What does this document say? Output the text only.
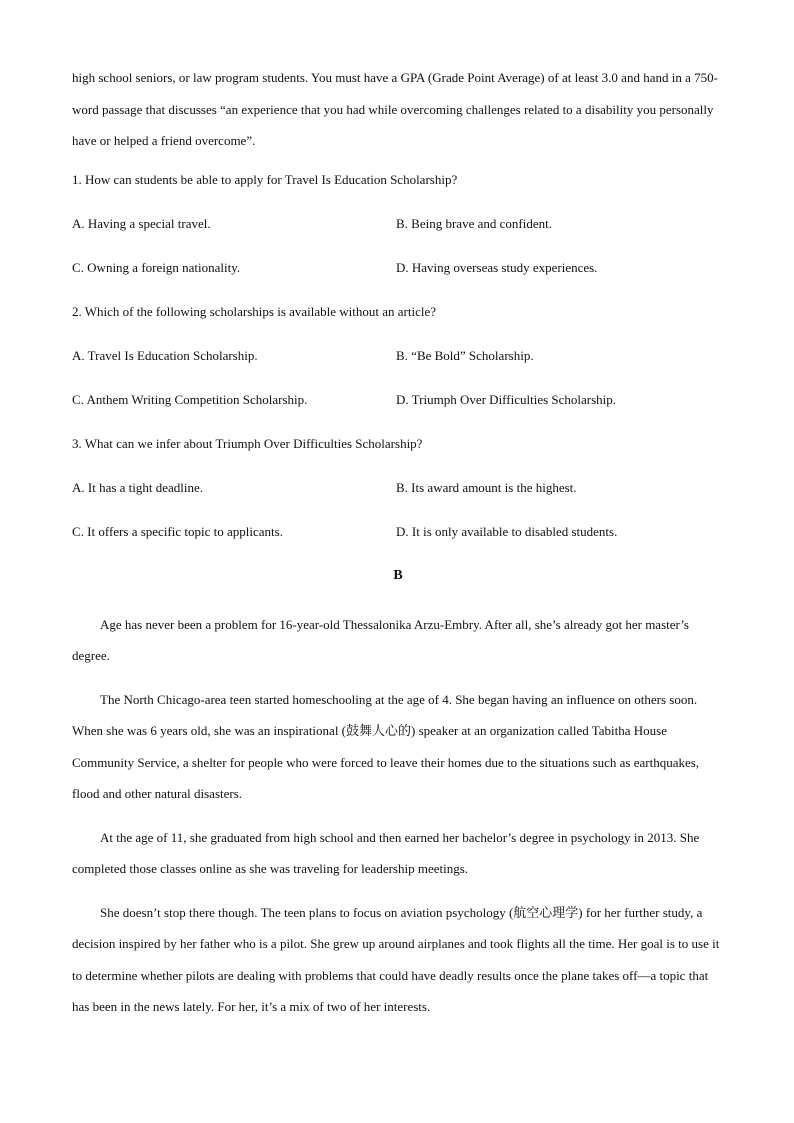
high school seniors, or law program students. You must have a GPA (Grade Point Average) of at least 3.0 and hand in a 750-word passage that discusses “an experience that you had while overcoming challenges related to a disability you personally have or helped a friend overcome”.

1. How can students be able to apply for Travel Is Education Scholarship?
A. Having a special travel.	B. Being brave and confident.
C. Owning a foreign nationality.	D. Having overseas study experiences.
2. Which of the following scholarships is available without an article?
A. Travel Is Education Scholarship.	B. “Be Bold” Scholarship.
C. Anthem Writing Competition Scholarship.	D. Triumph Over Difficulties Scholarship.
3. What can we infer about Triumph Over Difficulties Scholarship?
A. It has a tight deadline.	B. Its award amount is the highest.
C. It offers a specific topic to applicants.	D. It is only available to disabled students.
B

Age has never been a problem for 16-year-old Thessalonika Arzu-Embry. After all, she’s already got her master’s degree.

The North Chicago-area teen started homeschooling at the age of 4. She began having an influence on others soon. When she was 6 years old, she was an inspirational (鼓舞人心的) speaker at an organization called Tabitha House Community Service, a shelter for people who were forced to leave their homes due to the situations such as earthquakes, flood and other natural disasters.

At the age of 11, she graduated from high school and then earned her bachelor’s degree in psychology in 2013. She completed those classes online as she was traveling for leadership meetings.

She doesn’t stop there though. The teen plans to focus on aviation psychology (航空心理学) for her further study, a decision inspired by her father who is a pilot. She grew up around airplanes and took flights all the time. Her goal is to use it to determine whether pilots are dealing with problems that could have deadly results once the plane takes off—a topic that has been in the news lately. For her, it’s a mix of two of her interests.
